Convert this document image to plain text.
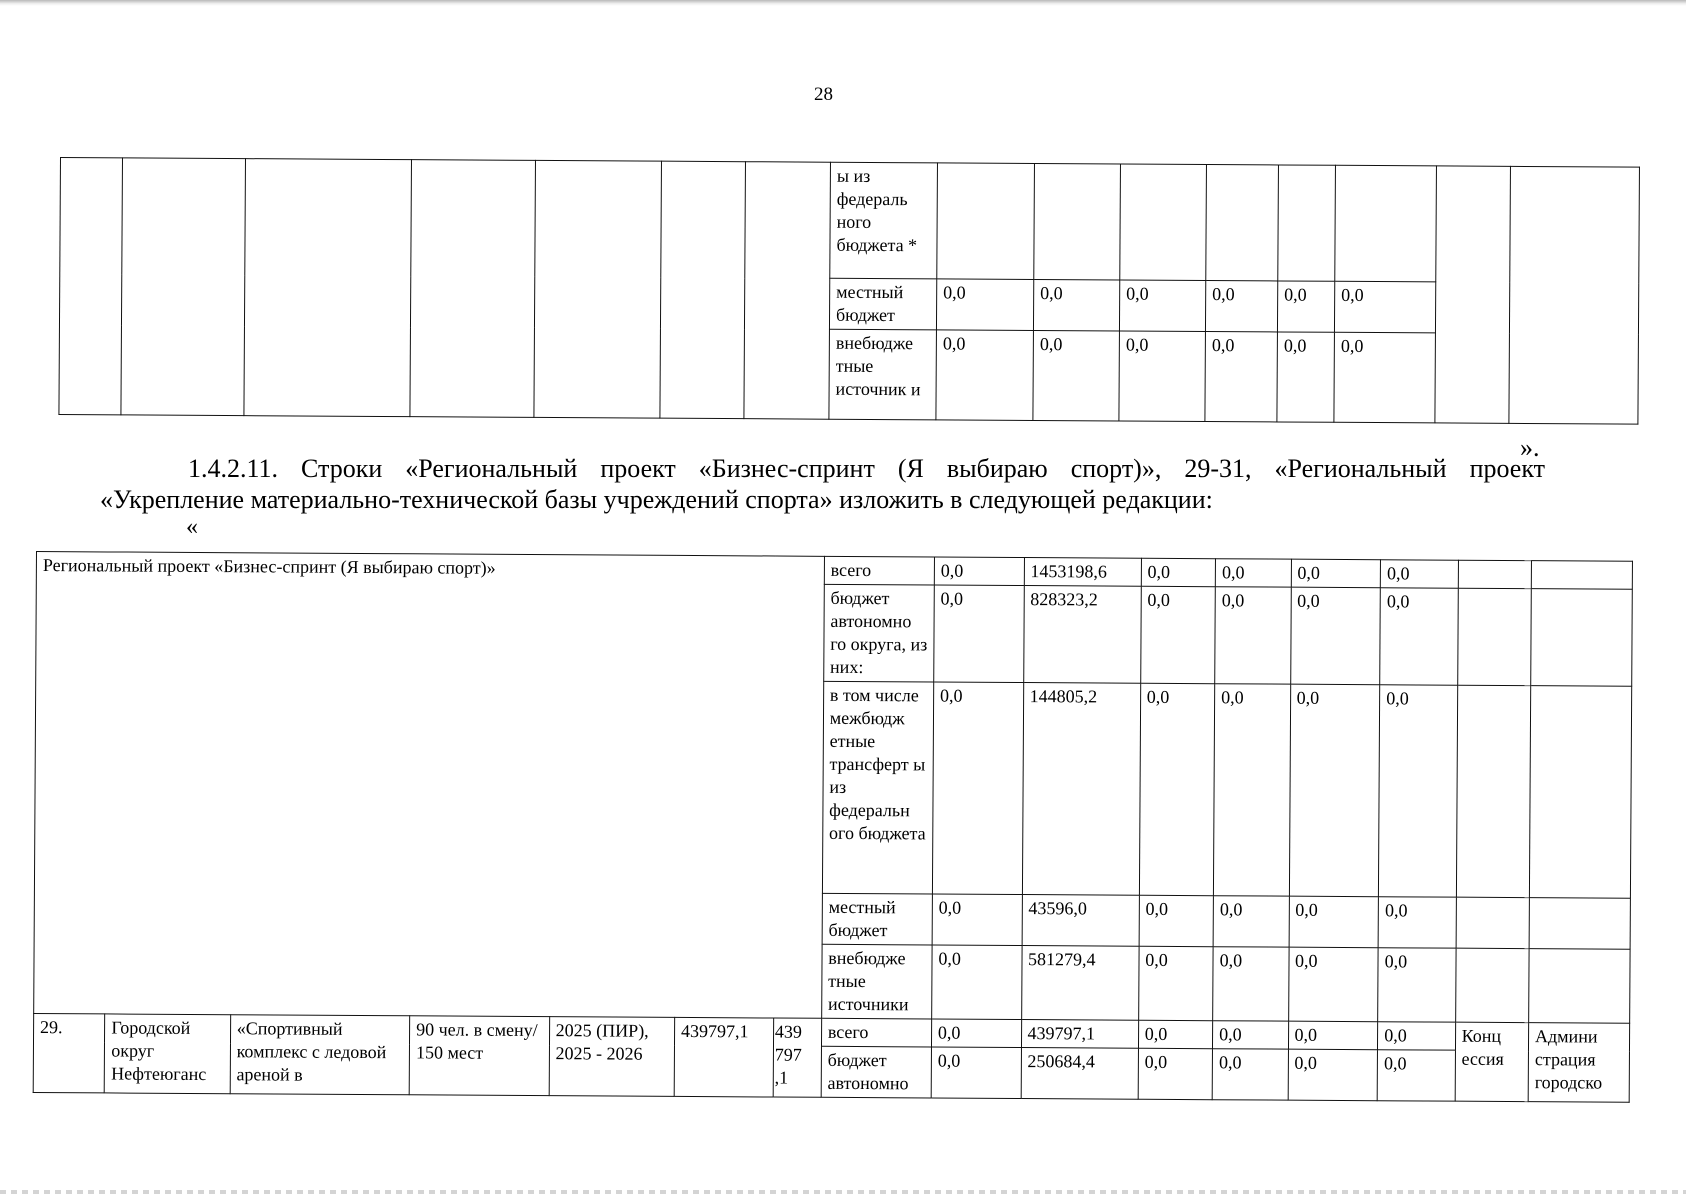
28
							ы из федераль ного бюджета *								
							местный бюджет	0,0	0,0	0,0	0,0	0,0	0,0		
							внебюдже тные источник и	0,0	0,0	0,0	0,0	0,0	0,0		
».
1.4.2.11. Строки «Региональный проект «Бизнес-спринт (Я выбираю спорт)», 29-31, «Региональный проект
«Укрепление материально-технической базы учреждений спорта» изложить в следующей редакции:
«
Региональный проект «Бизнес-спринт (Я выбираю спорт)»							всего	0,0	1453198,6	0,0	0,0	0,0	0,0		
							бюджет автономно го округа, из них:	0,0	828323,2	0,0	0,0	0,0	0,0		
							в том числе межбюдж етные трансферт ы из федеральн ого бюджета	0,0	144805,2	0,0	0,0	0,0	0,0		
							местный бюджет	0,0	43596,0	0,0	0,0	0,0	0,0		
							внебюдже тные источники	0,0	581279,4	0,0	0,0	0,0	0,0		
29.	Городской округ Нефтеюганс	«Спортивный комплекс с ледовой ареной в	90 чел. в смену/ 150 мест	2025 (ПИР), 2025 - 2026	439797,1	439 797 ,1	всего	0,0	439797,1	0,0	0,0	0,0	0,0	Конц ессия	Админи страция городско
							бюджет автономно	0,0	250684,4	0,0	0,0	0,0	0,0		
